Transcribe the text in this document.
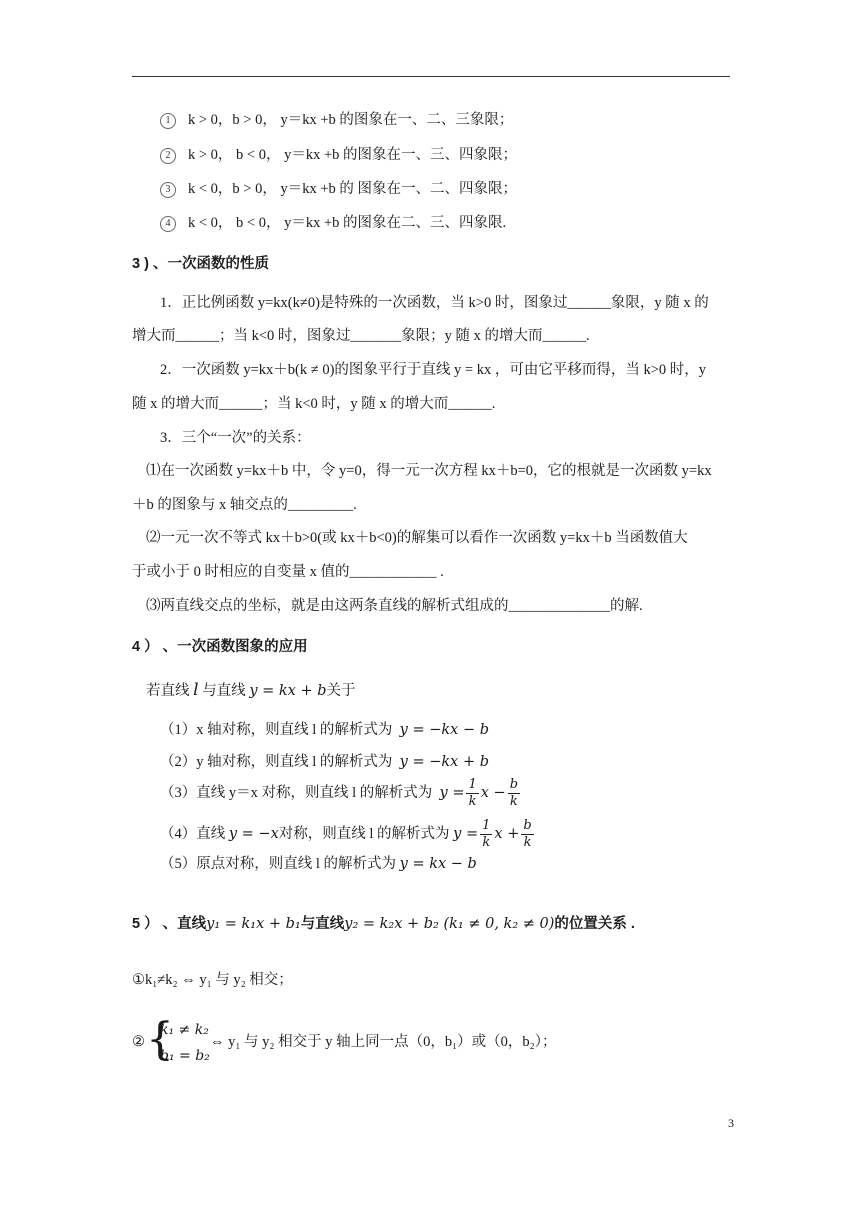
1 k > 0，b > 0， y＝kx +b 的图象在一、二、三象限；
2 k > 0， b < 0， y＝kx +b 的图象在一、三、四象限；
3 k < 0，b > 0， y＝kx +b 的 图象在一、二、四象限；
4 k < 0， b < 0， y＝kx +b 的图象在二、三、四象限.
3 ) 、一次函数的性质
1．正比例函数 y=kx(k≠0)是特殊的一次函数，当 k>0 时，图象过______象限，y 随 x 的
增大而______；当 k<0 时，图象过_______象限；y 随 x 的增大而______.
2．一次函数 y=kx＋b(k ≠ 0)的图象平行于直线 y = kx ，可由它平移而得，当 k>0 时，y
随 x 的增大而______；当 k<0 时，y 随 x 的增大而______.
3．三个“一次”的关系：
⑴在一次函数 y=kx＋b 中，令 y=0，得一元一次方程 kx＋b=0，它的根就是一次函数 y=kx
＋b 的图象与 x 轴交点的_________.
⑵一元一次不等式 kx＋b>0(或 kx＋b<0)的解集可以看作一次函数 y=kx＋b 当函数值大
于或小于 0 时相应的自变量 x 值的____________ .
⑶两直线交点的坐标，就是由这两条直线的解析式组成的______________的解.
4 ） 、一次函数图象的应用
若直线 l 与直线 y = kx + b关于
（1）x 轴对称，则直线 l 的解析式为 y = −kx − b
（2）y 轴对称，则直线 l 的解析式为 y = −kx + b
（3）直线 y＝x 对称，则直线 l 的解析式为 $y = \frac{1}{k}$ $x - \frac{b}{k}$
（4）直线 y = −x对称，则直线 l 的解析式为 $y = \frac{1}{k}$ $x + \frac{b}{k}$
（5）原点对称，则直线 l 的解析式为 y = kx − b
5 ） 、直线y₁ = k₁x + b₁与直线y₂ = k₂x + b₂ (k₁ ≠ 0, k₂ ≠ 0)的位置关系 .
①k₁≠k₂ ⇔ y₁ 与 y₂ 相交；
② {
k₁ ≠ k₂
b₁ = b₂
⇔ y₁ 与 y₂ 相交于 y 轴上同一点（0，b₁）或（0，b₂）；
3
